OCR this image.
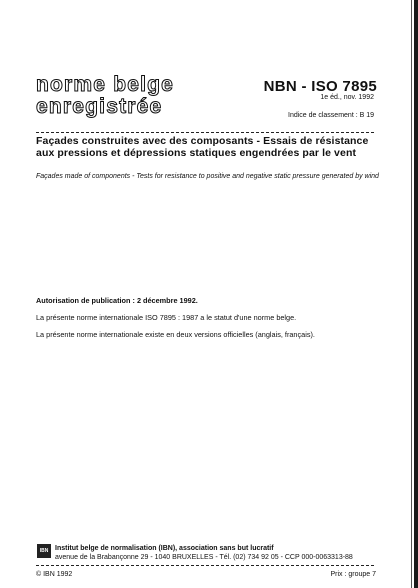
norme belge
enregistrée
NBN - ISO 7895
1e éd., nov. 1992
Indice de classement : B 19
Façades construites avec des composants - Essais de résistance aux pressions et dépressions statiques engendrées par le vent
Façades made of components - Tests for resistance to positive and negative static pressure generated by wind
Autorisation de publication : 2 décembre 1992.
La présente norme internationale ISO 7895 : 1987 a le statut d'une norme belge.
La présente norme internationale existe en deux versions officielles (anglais, français).
IBN Institut belge de normalisation (IBN), association sans but lucratif
avenue de la Brabançonne 29 - 1040 BRUXELLES - Tél. (02) 734 92 05 - CCP 000-0063313-88
© IBN 1992	Prix : groupe 7
